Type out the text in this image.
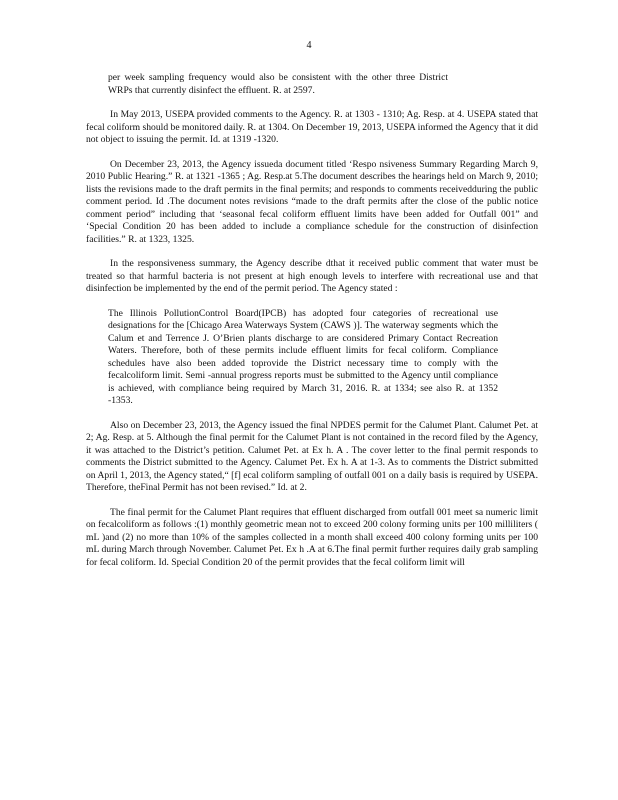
4

per week sampling frequency would also be consistent with the other three District WRPs that currently disinfect the effluent. R. at 2597.

In May 2013, USEPA provided comments to the Agency. R. at 1303 - 1310; Ag. Resp. at 4. USEPA stated that fecal coliform should be monitored daily. R. at 1304. On December 19, 2013, USEPA informed the Agency that it did not object to issuing the permit. Id. at 1319 -1320.

On December 23, 2013, the Agency issueda document titled ‘Respo nsiveness Summary Regarding March 9, 2010 Public Hearing.” R. at 1321 -1365 ; Ag. Resp.at 5.The document describes the hearings held on March 9, 2010; lists the revisions made to the draft permits in the final permits; and responds to comments receivedduring the public comment period. Id .The document notes revisions “made to the draft permits after the close of the public notice comment period” including that ‘seasonal fecal coliform effluent limits have been added for Outfall 001” and ‘Special Condition 20 has been added to include a compliance schedule for the construction of disinfection facilities.” R. at 1323, 1325.

In the responsiveness summary, the Agency describe dthat it received public comment that water must be treated so that harmful bacteria is not present at high enough levels to interfere with recreational use and that disinfection be implemented by the end of the permit period. The Agency stated :

The Illinois PollutionControl Board(IPCB) has adopted four categories of recreational use designations for the [Chicago Area Waterways System (CAWS )]. The waterway segments which the Calum et and Terrence J. O’Brien plants discharge to are considered Primary Contact Recreation Waters. Therefore, both of these permits include effluent limits for fecal coliform. Compliance schedules have also been added toprovide the District necessary time to comply with the fecalcoliform limit. Semi -annual progress reports must be submitted to the Agency until compliance is achieved, with compliance being required by March 31, 2016. R. at 1334; see also R. at 1352 -1353.

Also on December 23, 2013, the Agency issued the final NPDES permit for the Calumet Plant. Calumet Pet. at 2; Ag. Resp. at 5. Although the final permit for the Calumet Plant is not contained in the record filed by the Agency, it was attached to the District’s petition. Calumet Pet. at Ex h. A . The cover letter to the final permit responds to comments the District submitted to the Agency. Calumet Pet. Ex h. A at 1-3. As to comments the District submitted on April 1, 2013, the Agency stated,“ [f] ecal coliform sampling of outfall 001 on a daily basis is required by USEPA. Therefore, theFinal Permit has not been revised.” Id. at 2.

The final permit for the Calumet Plant requires that effluent discharged from outfall 001 meet sa numeric limit on fecalcoliform as follows :(1) monthly geometric mean not to exceed 200 colony forming units per 100 milliliters ( mL )and (2) no more than 10% of the samples collected in a month shall exceed 400 colony forming units per 100 mL during March through November. Calumet Pet. Ex h .A at 6.The final permit further requires daily grab sampling for fecal coliform. Id. Special Condition 20 of the permit provides that the fecal coliform limit will
